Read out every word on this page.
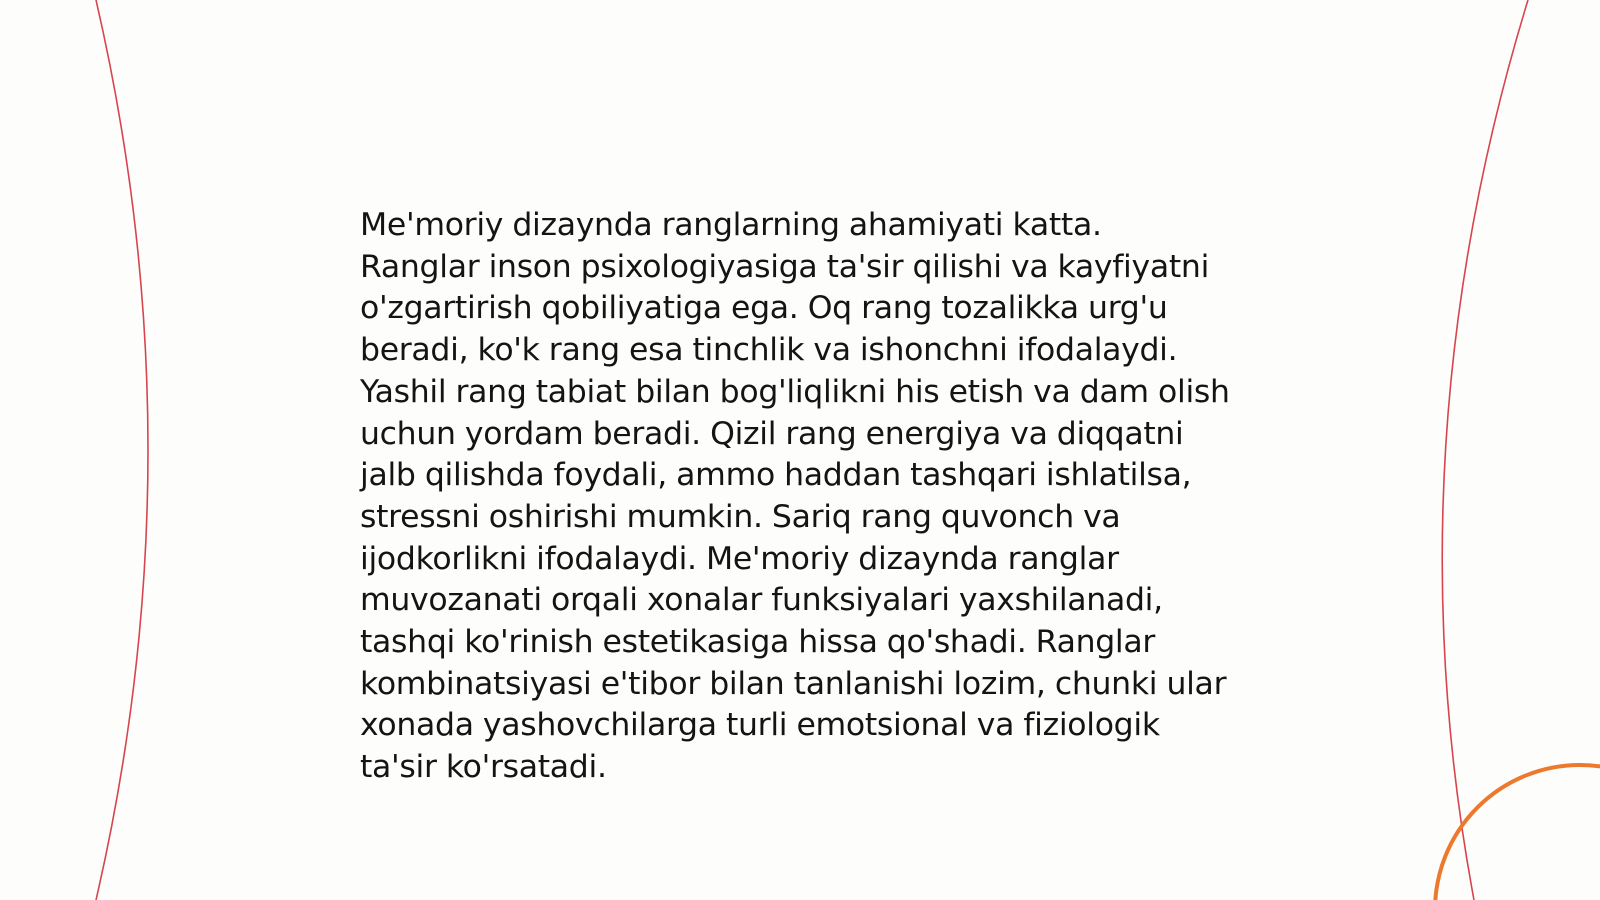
Me'moriy dizaynda ranglarning ahamiyati katta. Ranglar inson psixologiyasiga ta'sir qilishi va kayfiyatni o'zgartirish qobiliyatiga ega. Oq rang tozalikka urg'u beradi, ko'k rang esa tinchlik va ishonchni ifodalaydi. Yashil rang tabiat bilan bog'liqlikni his etish va dam olish uchun yordam beradi. Qizil rang energiya va diqqatni jalb qilishda foydali, ammo haddan tashqari ishlatilsa, stressni oshirishi mumkin. Sariq rang quvonch va ijodkorlikni ifodalaydi. Me'moriy dizaynda ranglar muvozanati orqali xonalar funksiyalari yaxshilanadi, tashqi ko'rinish estetikasiga hissa qo'shadi. Ranglar kombinatsiyasi e'tibor bilan tanlanishi lozim, chunki ular xonada yashovchilarga turli emotsional va fiziologik ta'sir ko'rsatadi.
